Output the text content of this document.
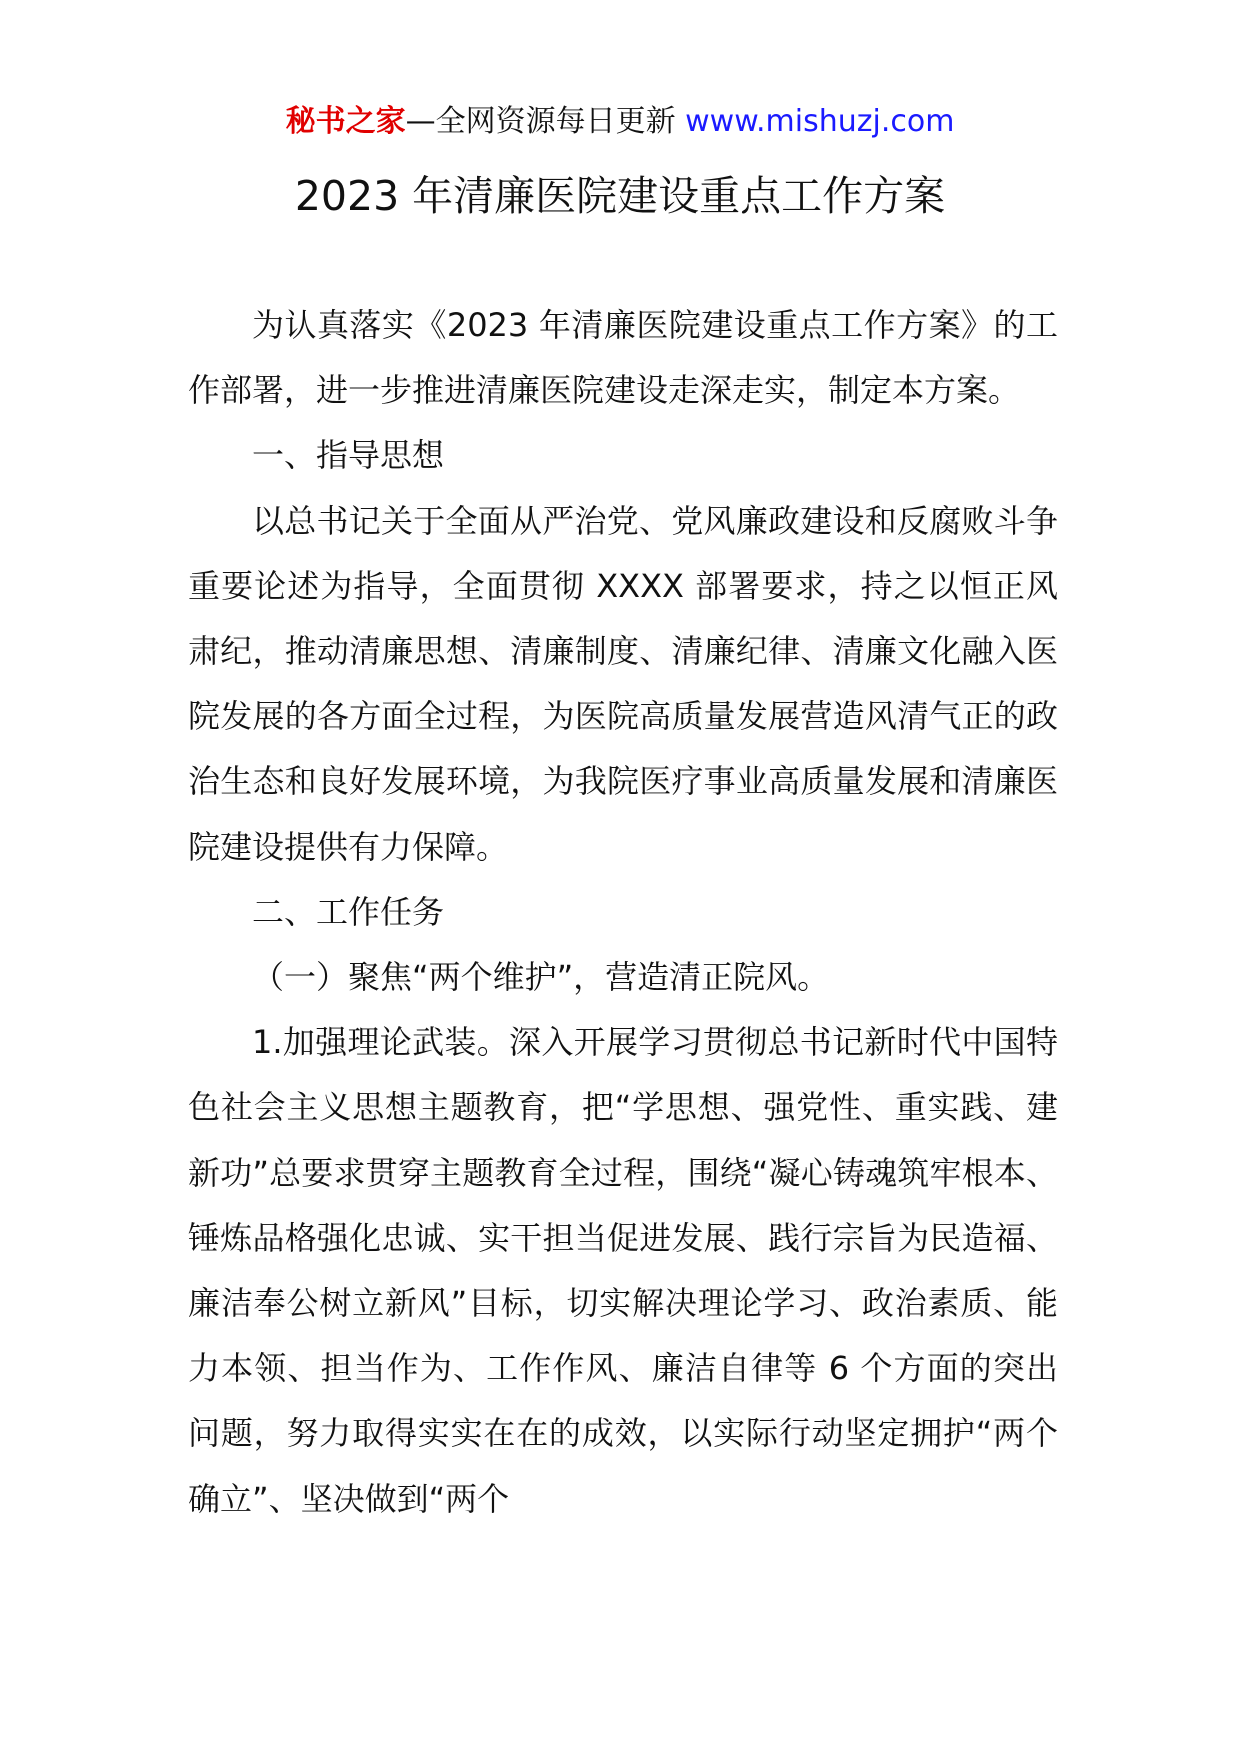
秘书之家—全网资源每日更新 www.mishuzj.com
2023 年清廉医院建设重点工作方案

为认真落实《2023 年清廉医院建设重点工作方案》的工作部署，进一步推进清廉医院建设走深走实，制定本方案。

一、指导思想

以总书记关于全面从严治党、党风廉政建设和反腐败斗争重要论述为指导，全面贯彻 XXXX 部署要求，持之以恒正风肃纪，推动清廉思想、清廉制度、清廉纪律、清廉文化融入医院发展的各方面全过程，为医院高质量发展营造风清气正的政治生态和良好发展环境，为我院医疗事业高质量发展和清廉医院建设提供有力保障。

二、工作任务

（一）聚焦“两个维护”，营造清正院风。

1.加强理论武装。深入开展学习贯彻总书记新时代中国特色社会主义思想主题教育，把“学思想、强党性、重实践、建新功”总要求贯穿主题教育全过程，围绕“凝心铸魂筑牢根本、锤炼品格强化忠诚、实干担当促进发展、践行宗旨为民造福、廉洁奉公树立新风”目标，切实解决理论学习、政治素质、能力本领、担当作为、工作作风、廉洁自律等 6 个方面的突出问题，努力取得实实在在的成效，以实际行动坚定拥护“两个确立”、坚决做到“两个
